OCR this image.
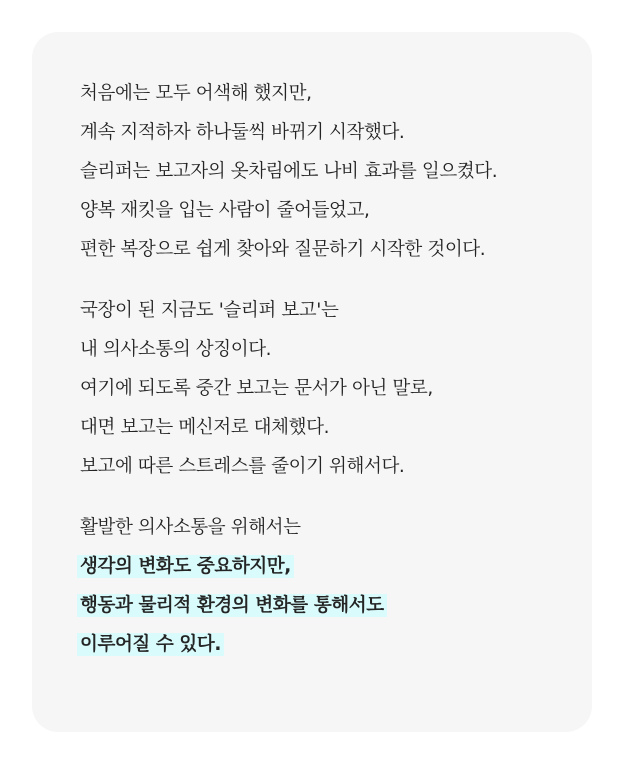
처음에는 모두 어색해 했지만,
계속 지적하자 하나둘씩 바뀌기 시작했다.
슬리퍼는 보고자의 옷차림에도 나비 효과를 일으켰다.
양복 재킷을 입는 사람이 줄어들었고,
편한 복장으로 쉽게 찾아와 질문하기 시작한 것이다.
국장이 된 지금도 '슬리퍼 보고'는
내 의사소통의 상징이다.
여기에 되도록 중간 보고는 문서가 아닌 말로,
대면 보고는 메신저로 대체했다.
보고에 따른 스트레스를 줄이기 위해서다.
활발한 의사소통을 위해서는
생각의 변화도 중요하지만,
행동과 물리적 환경의 변화를 통해서도
이루어질 수 있다.
